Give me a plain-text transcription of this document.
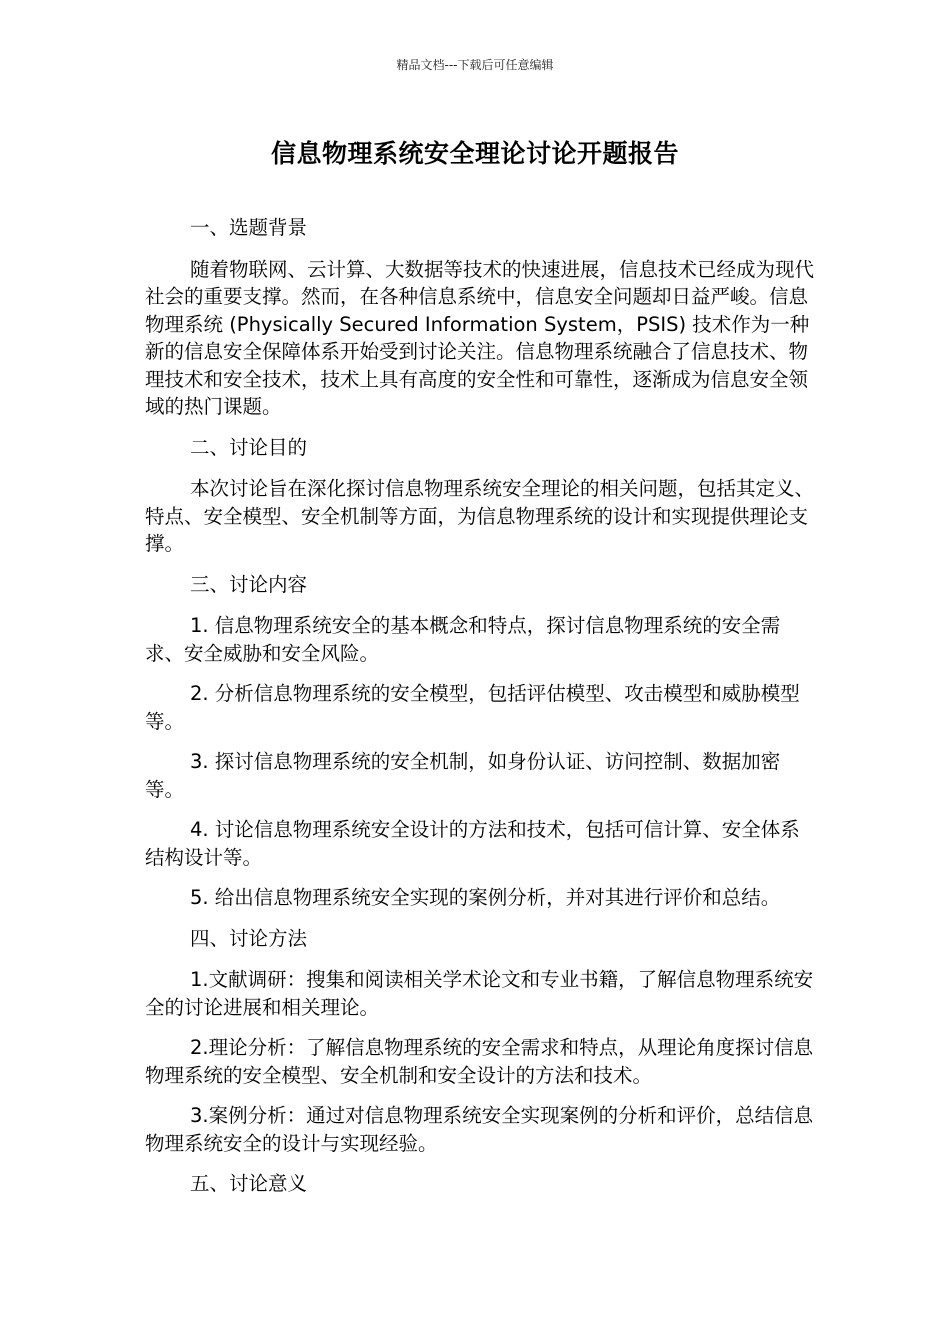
精品文档---下载后可任意编辑
信息物理系统安全理论讨论开题报告

一、选题背景

随着物联网、云计算、大数据等技术的快速进展，信息技术已经成为现代社会的重要支撑。然而，在各种信息系统中，信息安全问题却日益严峻。信息物理系统 (Physically Secured Information System，PSIS) 技术作为一种新的信息安全保障体系开始受到讨论关注。信息物理系统融合了信息技术、物理技术和安全技术，技术上具有高度的安全性和可靠性，逐渐成为信息安全领域的热门课题。

二、讨论目的

本次讨论旨在深化探讨信息物理系统安全理论的相关问题，包括其定义、特点、安全模型、安全机制等方面，为信息物理系统的设计和实现提供理论支撑。

三、讨论内容

1. 信息物理系统安全的基本概念和特点，探讨信息物理系统的安全需求、安全威胁和安全风险。

2. 分析信息物理系统的安全模型，包括评估模型、攻击模型和威胁模型等。

3. 探讨信息物理系统的安全机制，如身份认证、访问控制、数据加密等。

4. 讨论信息物理系统安全设计的方法和技术，包括可信计算、安全体系结构设计等。

5. 给出信息物理系统安全实现的案例分析，并对其进行评价和总结。

四、讨论方法

1.文献调研：搜集和阅读相关学术论文和专业书籍，了解信息物理系统安全的讨论进展和相关理论。

2.理论分析：了解信息物理系统的安全需求和特点，从理论角度探讨信息物理系统的安全模型、安全机制和安全设计的方法和技术。

3.案例分析：通过对信息物理系统安全实现案例的分析和评价，总结信息物理系统安全的设计与实现经验。

五、讨论意义
